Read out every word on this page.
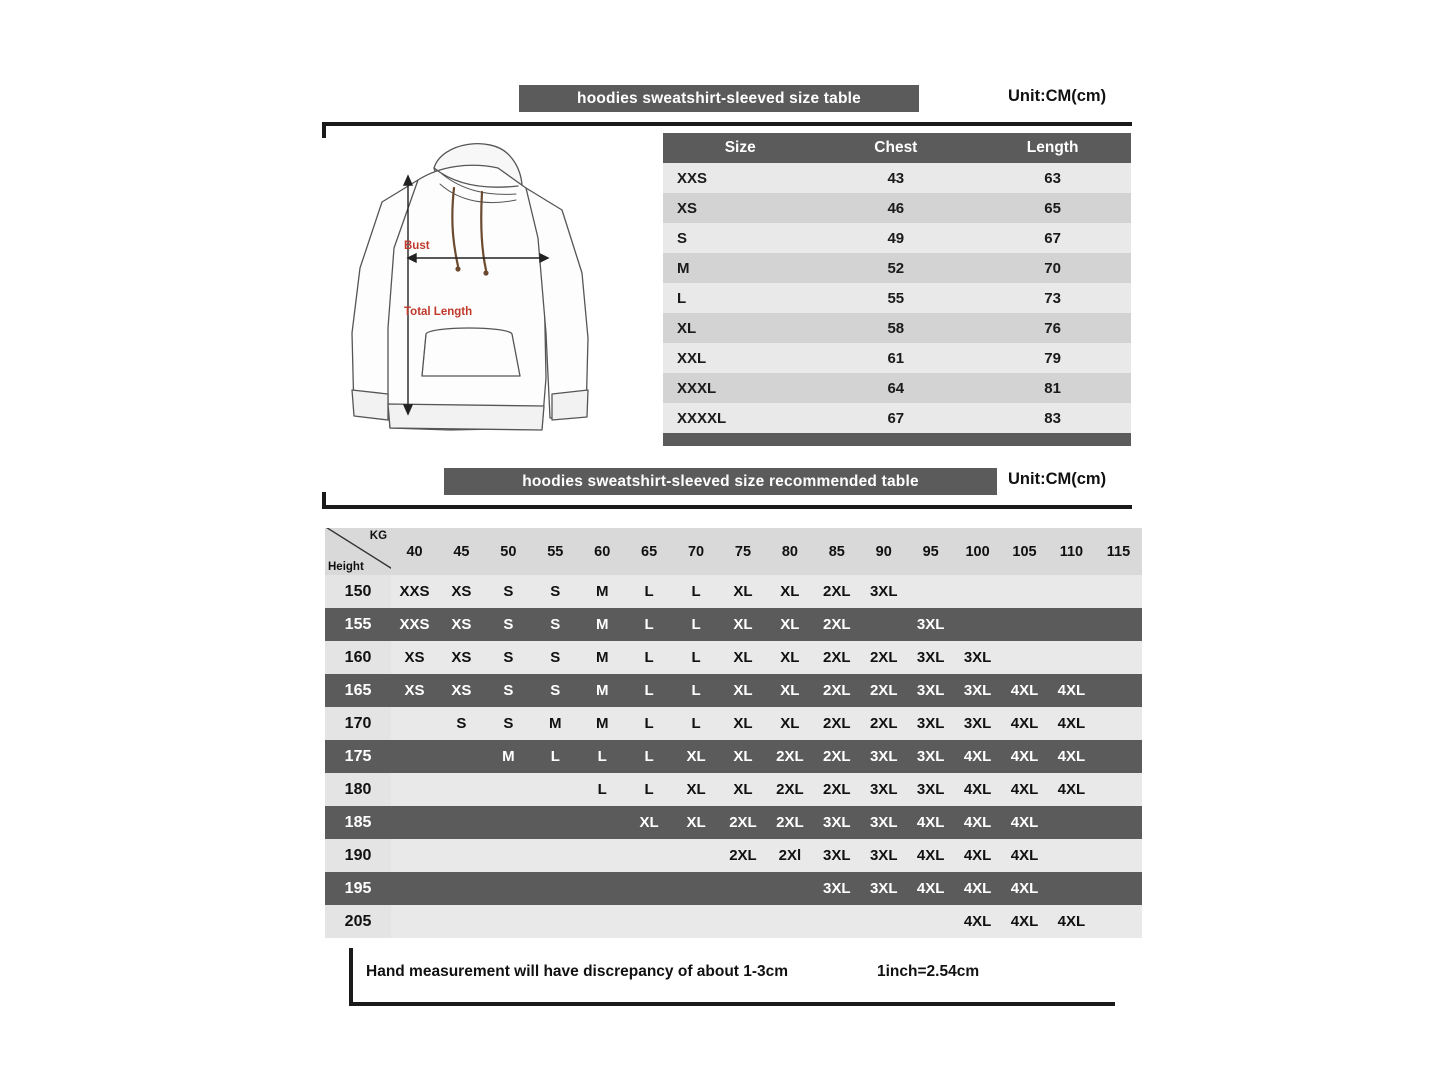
hoodies sweatshirt-sleeved size table	Unit:CM(cm)
Bust
Total Length
Size	Chest	Length
XXS	43	63
XS	46	65
S	49	67
M	52	70
L	55	73
XL	58	76
XXL	61	79
XXXL	64	81
XXXXL	67	83

hoodies sweatshirt-sleeved size recommended table	Unit:CM(cm)
KG
Height	40	45	50	55	60	65	70	75	80	85	90	95	100	105	110	115
150	XXS	XS	S	S	M	L	L	XL	XL	2XL	3XL					
155	XXS	XS	S	S	M	L	L	XL	XL	2XL		3XL				
160	XS	XS	S	S	M	L	L	XL	XL	2XL	2XL	3XL	3XL			
165	XS	XS	S	S	M	L	L	XL	XL	2XL	2XL	3XL	3XL	4XL	4XL	
170		S	S	M	M	L	L	XL	XL	2XL	2XL	3XL	3XL	4XL	4XL	
175			M	L	L	L	XL	XL	2XL	2XL	3XL	3XL	4XL	4XL	4XL	
180					L	L	XL	XL	2XL	2XL	3XL	3XL	4XL	4XL	4XL	
185						XL	XL	2XL	2XL	3XL	3XL	4XL	4XL	4XL		
190								2XL	2Xl	3XL	3XL	4XL	4XL	4XL		
195										3XL	3XL	4XL	4XL	4XL		
205													4XL	4XL	4XL	
Hand measurement will have discrepancy of about 1-3cm	1inch=2.54cm
